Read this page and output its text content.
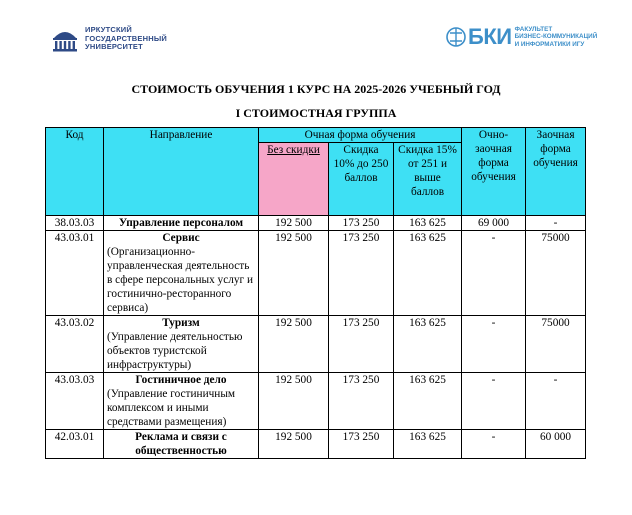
ИРКУТСКИЙ
ГОСУДАРСТВЕННЫЙ
УНИВЕРСИТЕТ	БКИ ФАКУЛЬТЕТ
БИЗНЕС-КОММУНИКАЦИЙ
И ИНФОРМАТИКИ ИГУ
СТОИМОСТЬ ОБУЧЕНИЯ 1 КУРС НА 2025-2026 УЧЕБНЫЙ ГОД
I СТОИМОСТНАЯ ГРУППА
Код	Направление	Очная форма обучения			Очно-заочная форма обучения	Заочная форма обучения
		Без скидки	Скидка 10% до 250 баллов	Скидка 15% от 251 и выше баллов		
38.03.03	Управление персоналом	192 500	173 250	163 625	69 000	-
43.03.01	Сервис
(Организационно-управленческая деятельность в сфере персональных услуг и гостинично-ресторанного сервиса)	192 500	173 250	163 625	-	75000
43.03.02	Туризм
(Управление деятельностью объектов туристской инфраструктуры)	192 500	173 250	163 625	-	75000
43.03.03	Гостиничное дело
(Управление гостиничным комплексом и иными средствами размещения)	192 500	173 250	163 625	-	-
42.03.01	Реклама и связи с общественностью	192 500	173 250	163 625	-	60 000
